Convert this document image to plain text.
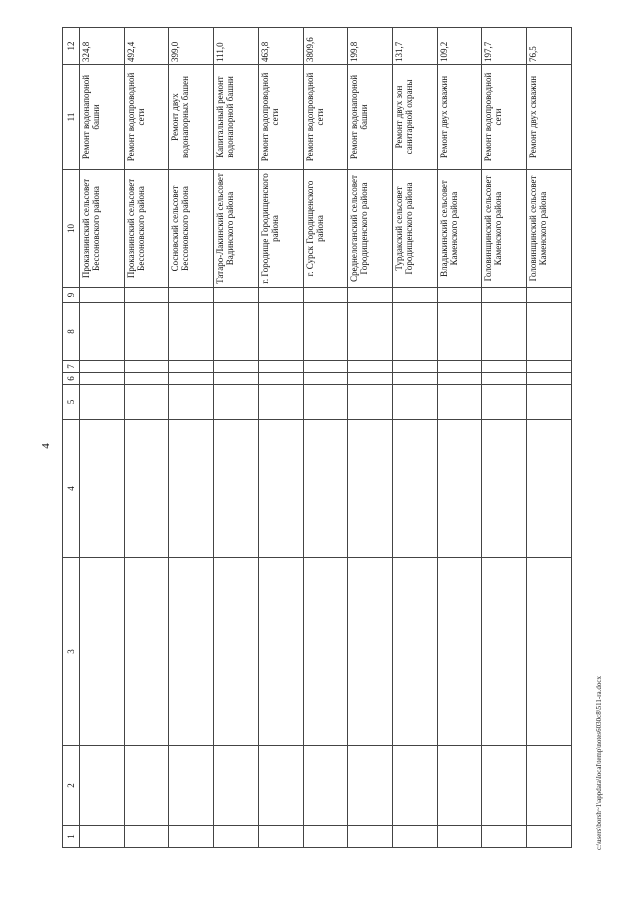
4
1	2	3	4	5	6	7	8	9	10	11	12
									Проказнинский сельсовет Бессоновского района	Ремонт водонапорной башни	324,8
									Проказнинский сельсовет Бессоновского района	Ремонт водопроводной сети	492,4
									Сосновский сельсовет Бессоновского района	Ремонт двух водонапорных башен	399,0
									Татаро-Лакинский сельсовет Вадинского района	Капитальный ремонт водонапорной башни	111,0
									г. Городище Городищенского района	Ремонт водопроводной сети	463,8
									г. Сурск Городищенского района	Ремонт водопроводной сети	3809,6
									Среднелоганский сельсовет Городищенского района	Ремонт водонапорной башни	199,8
									Турдакский сельсовет Городищенского района	Ремонт двух зон санитарной охраны	131,7
									Владыкинский сельсовет Каменского района	Ремонт двух скважин	109,2
									Головинщинский сельсовет Каменского района	Ремонт водопроводной сети	197,7
									Головинщинский сельсовет Каменского района	Ремонт двух скважин	76,5
c:\users\borsh~1\appdata\local\temp\notes6030c8\511-ra.docx
